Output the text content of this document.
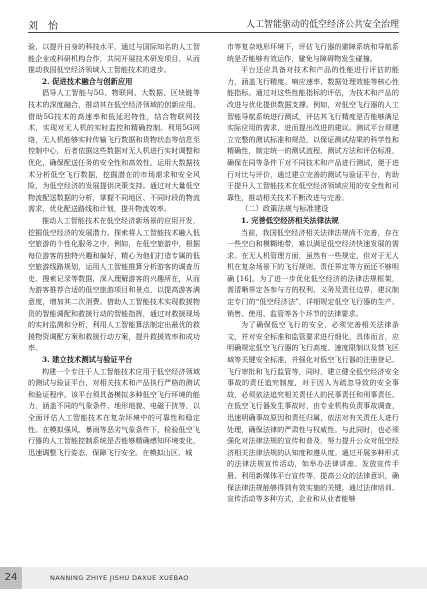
刘　怡	人工智能驱动的低空经济公共安全治理

验，以提升自身的科技水平，通过与国际知名的人工智能企业或科研机构合作，共同开展技术研发项目，从而推动我国低空经济领域人工智能技术的进步。

2. 促进技术融合与创新应用

倡导人工智能与5G、物联网、大数据、区块链等技术的深度融合，推动其在低空经济领域的创新应用。借助5G技术的高速率和低延迟特性，结合物联网技术，实现对无人机的实时监控和精确控制。利用5G网络，无人机能够实时传输飞行数据和货物状态等信息至控制中心，后者依据这些数据对无人机进行实时调整和优化，确保配送任务的安全性和高效性。运用大数据技术分析低空飞行数据，挖掘潜在的市场需求和安全风险，为低空经济的发展提供决策支持。通过对大量低空物流配送数据的分析，掌握不同地区、不同时段的物流需求，优化配送路线和计划，提升物流效率。

推动人工智能技术在低空经济新场景的应用开发，挖掘低空经济的发展潜力。探索将人工智能技术融入低空旅游的个性化服务之中，例如，在低空旅游中，根据每位游客的独特兴趣和偏好，精心为他们打造专属的低空旅游线路规划，运用人工智能推算分析游客的调查历史、搜索记录等数据，深入理解游客的兴趣所在，从而为游客推荐合适的低空旅游项目和景点，以提高游客满意度，增加其二次消费。借助人工智能技术实现救援物资的智能调配和救援行动的智能指挥，通过对救援现场的实时监测和分析，利用人工智能算法制定出最优的救援物资调配方案和救援行动方案，提升救援效率和成功率。

3. 建立技术测试与验证平台

构建一个专注于人工智能技术应用于低空经济领域的测试与验证平台，对相关技术和产品执行严格的测试和验证程序。该平台须具备模拟多种低空飞行环境的能力，涵盖不同的气象条件、地形地貌、电磁干扰等，以全面评估人工智能技术在复杂环境中的可靠性和稳定性。在模拟强风、暴雨等恶劣气象条件下，检验低空飞行器的人工智能控制系统是否能够精确感知环境变化，迅速调整飞行姿态，保障飞行安全。在模拟山区、城

市等复杂地形环境下，评估飞行器的避障系统和导航系统是否能够有效运作，避免与障碍物发生碰撞。

平台还应具备对技术和产品的性能进行评估的能力，涵盖飞行精度、响应速率、数据处理效能等核心性能指标。通过对这些性能指标的评估，为技术和产品的改进与优化提供数据支撑。例如，对低空飞行器的人工智能导航系统进行测试，评估其飞行精度是否能够满足实际应用的需求，进而提出改进的建议。测试平台须建立完整的测试标准和规范，以保证测试结果的科学性和精确性，制定统一的测试流程、测试方法和评估标准，确保在同等条件下对不同技术和产品进行测试，便于进行对比与评价，通过建立完善的测试与验证平台，有助于提升人工智能技术在低空经济领域应用的安全性和可靠性，推动相关技术不断改进与完善。

（二）政策法规与标准建设

1. 完善低空经济相关法律法规

当前，我国低空经济相关法律法规尚不完善，存在一些空白和模糊地带，难以满足低空经济快速发展的需求。在无人机管理方面，虽然有一些规定，但对于无人机在复杂场景下的飞行规则、责任界定等方面还不够明确 [16]。为了进一步优化低空经济的法律法规框架，需清晰界定各参与方的权利、义务及责任边界，建议制定专门的“低空经济法”，详细规定低空飞行器的生产、销售、使用、监管等各个环节的法律要求。

为了确保低空飞行的安全，必须完善相关法律条文，并对安全标准和监管要求进行细化，具体而言，应明确规定低空飞行器的飞行高度、速度限制以及禁飞区域等关键安全标准，并强化对低空飞行器的注册登记、飞行审批和飞行监管等，同时，建立健全低空经济安全事故的责任追究制度，对于因人为疏忽导致的安全事故，必须依法追究相关责任人的民事责任和刑事责任。在低空飞行器发生事故时，由专业机构负责事故调查，迅速明确事故原因和责任归属，依法对有关责任人进行处理，确保法律的严肃性与权威性。与此同时，也必须强化对法律法规的宣传和普及，努力提升公众对低空经济相关法律法规的认知度和遵从度。通过开展多种形式的法律法规宣传活动，如举办法律讲座、发放宣传手册、利用新媒体平台宣传等，提高公众的法律意识，确保法律法规能够得到有效实施的关键，通过法律培训、宣传活动等多种方式，企业和从业者能够

24	NANNING ZHIYE JISHU DAXUE XUEBAO
